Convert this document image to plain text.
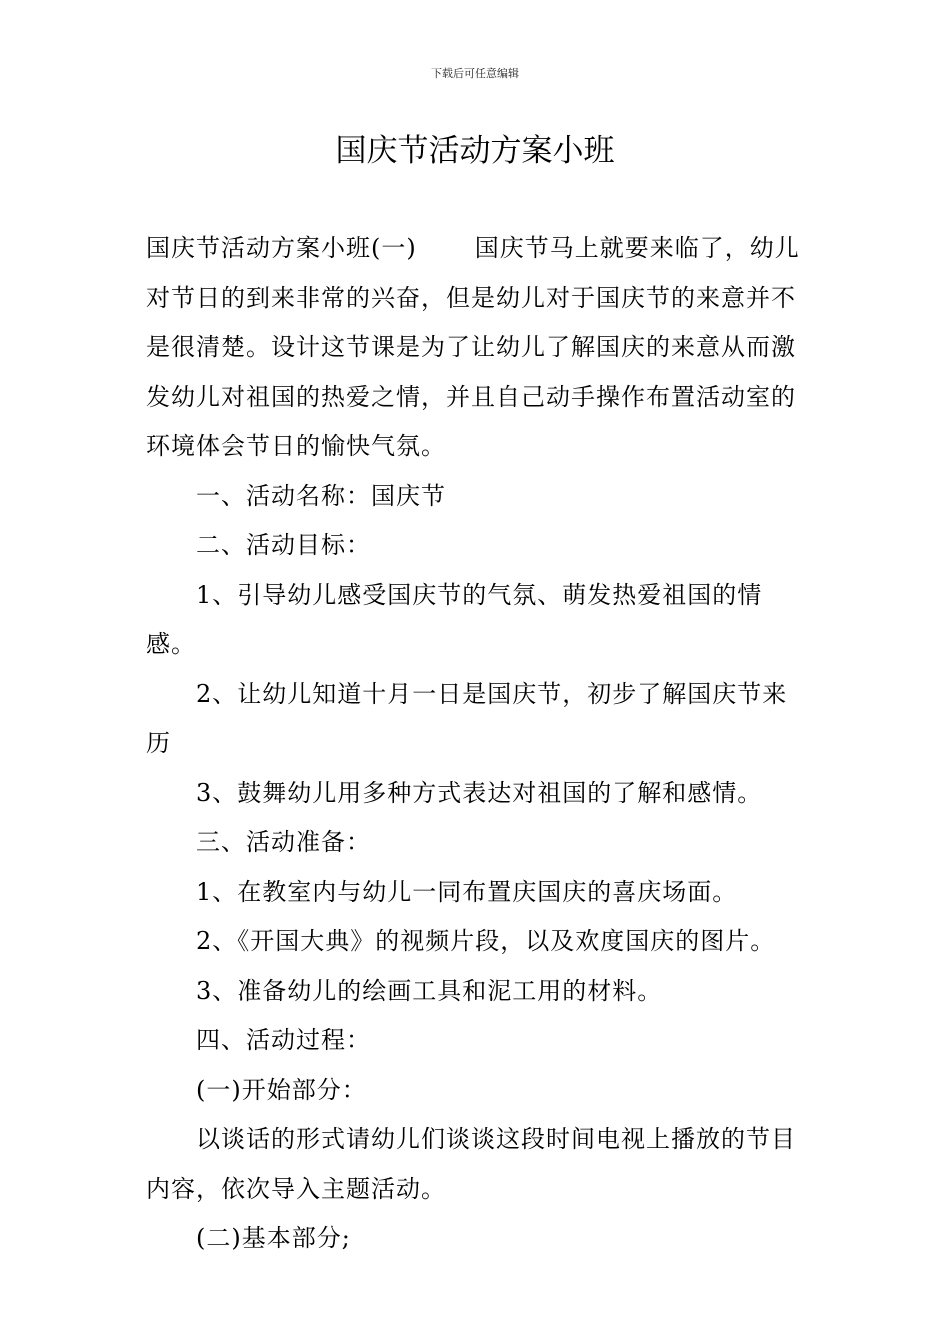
下载后可任意编辑
国庆节活动方案小班

国庆节活动方案小班(一) 国庆节马上就要来临了，幼儿对节日的到来非常的兴奋，但是幼儿对于国庆节的来意并不是很清楚。设计这节课是为了让幼儿了解国庆的来意从而激发幼儿对祖国的热爱之情，并且自己动手操作布置活动室的环境体会节日的愉快气氛。

一、活动名称：国庆节

二、活动目标：

1、引导幼儿感受国庆节的气氛、萌发热爱祖国的情感。

2、让幼儿知道十月一日是国庆节，初步了解国庆节来历

3、鼓舞幼儿用多种方式表达对祖国的了解和感情。

三、活动准备：

1、在教室内与幼儿一同布置庆国庆的喜庆场面。

2、《开国大典》的视频片段，以及欢度国庆的图片。

3、准备幼儿的绘画工具和泥工用的材料。

四、活动过程：

(一)开始部分：

以谈话的形式请幼儿们谈谈这段时间电视上播放的节目内容，依次导入主题活动。

(二)基本部分;
